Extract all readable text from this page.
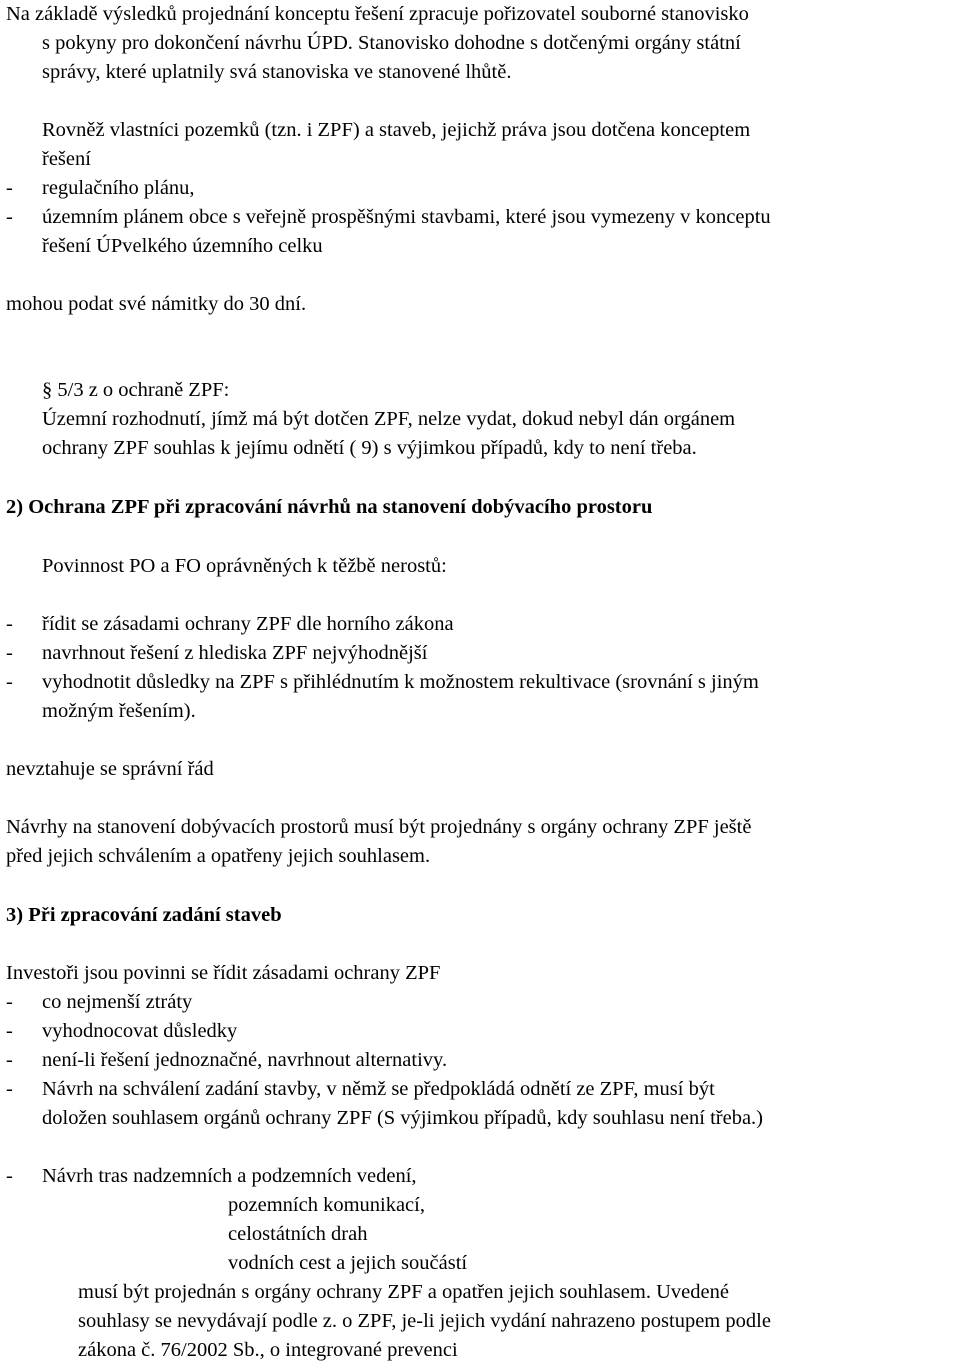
Na základě výsledků projednání konceptu řešení zpracuje pořizovatel souborné stanovisko
s pokyny pro dokončení návrhu ÚPD. Stanovisko dohodne s dotčenými orgány státní
správy, které uplatnily svá stanoviska ve stanovené lhůtě.
Rovněž vlastníci pozemků (tzn. i ZPF) a staveb, jejichž práva jsou dotčena konceptem
řešení
- regulačního plánu,
- územním plánem obce s veřejně prospěšnými stavbami, které jsou vymezeny v konceptu
řešení ÚPvelkého územního celku
mohou podat své námitky do 30 dní.
§ 5/3 z o ochraně ZPF:
Územní rozhodnutí, jímž má být dotčen ZPF, nelze vydat, dokud nebyl dán orgánem
ochrany ZPF souhlas k jejímu odnětí ( 9) s výjimkou případů, kdy to není třeba.
2) Ochrana ZPF při zpracování návrhů na stanovení dobývacího prostoru
Povinnost PO a FO oprávněných k těžbě nerostů:
- řídit se zásadami ochrany ZPF dle horního zákona
- navrhnout řešení z hlediska ZPF nejvýhodnější
- vyhodnotit důsledky na ZPF s přihlédnutím k možnostem rekultivace (srovnání s jiným
možným řešením).
nevztahuje se správní řád
Návrhy na stanovení dobývacích prostorů musí být projednány s orgány ochrany ZPF ještě
před jejich schválením a opatřeny jejich souhlasem.
3) Při zpracování zadání staveb
Investoři jsou povinni se řídit zásadami ochrany ZPF
- co nejmenší ztráty
- vyhodnocovat důsledky
- není-li řešení jednoznačné, navrhnout alternativy.
- Návrh na schválení zadání stavby, v němž se předpokládá odnětí ze ZPF, musí být
doložen souhlasem orgánů ochrany ZPF (S výjimkou případů, kdy souhlasu není třeba.)
- Návrh tras nadzemních a podzemních vedení,
pozemních komunikací,
celostátních drah
vodních cest a jejich součástí
musí být projednán s orgány ochrany ZPF a opatřen jejich souhlasem. Uvedené
souhlasy se nevydávají podle z. o ZPF, je-li jejich vydání nahrazeno postupem podle
zákona č. 76/2002 Sb., o integrované prevenci
